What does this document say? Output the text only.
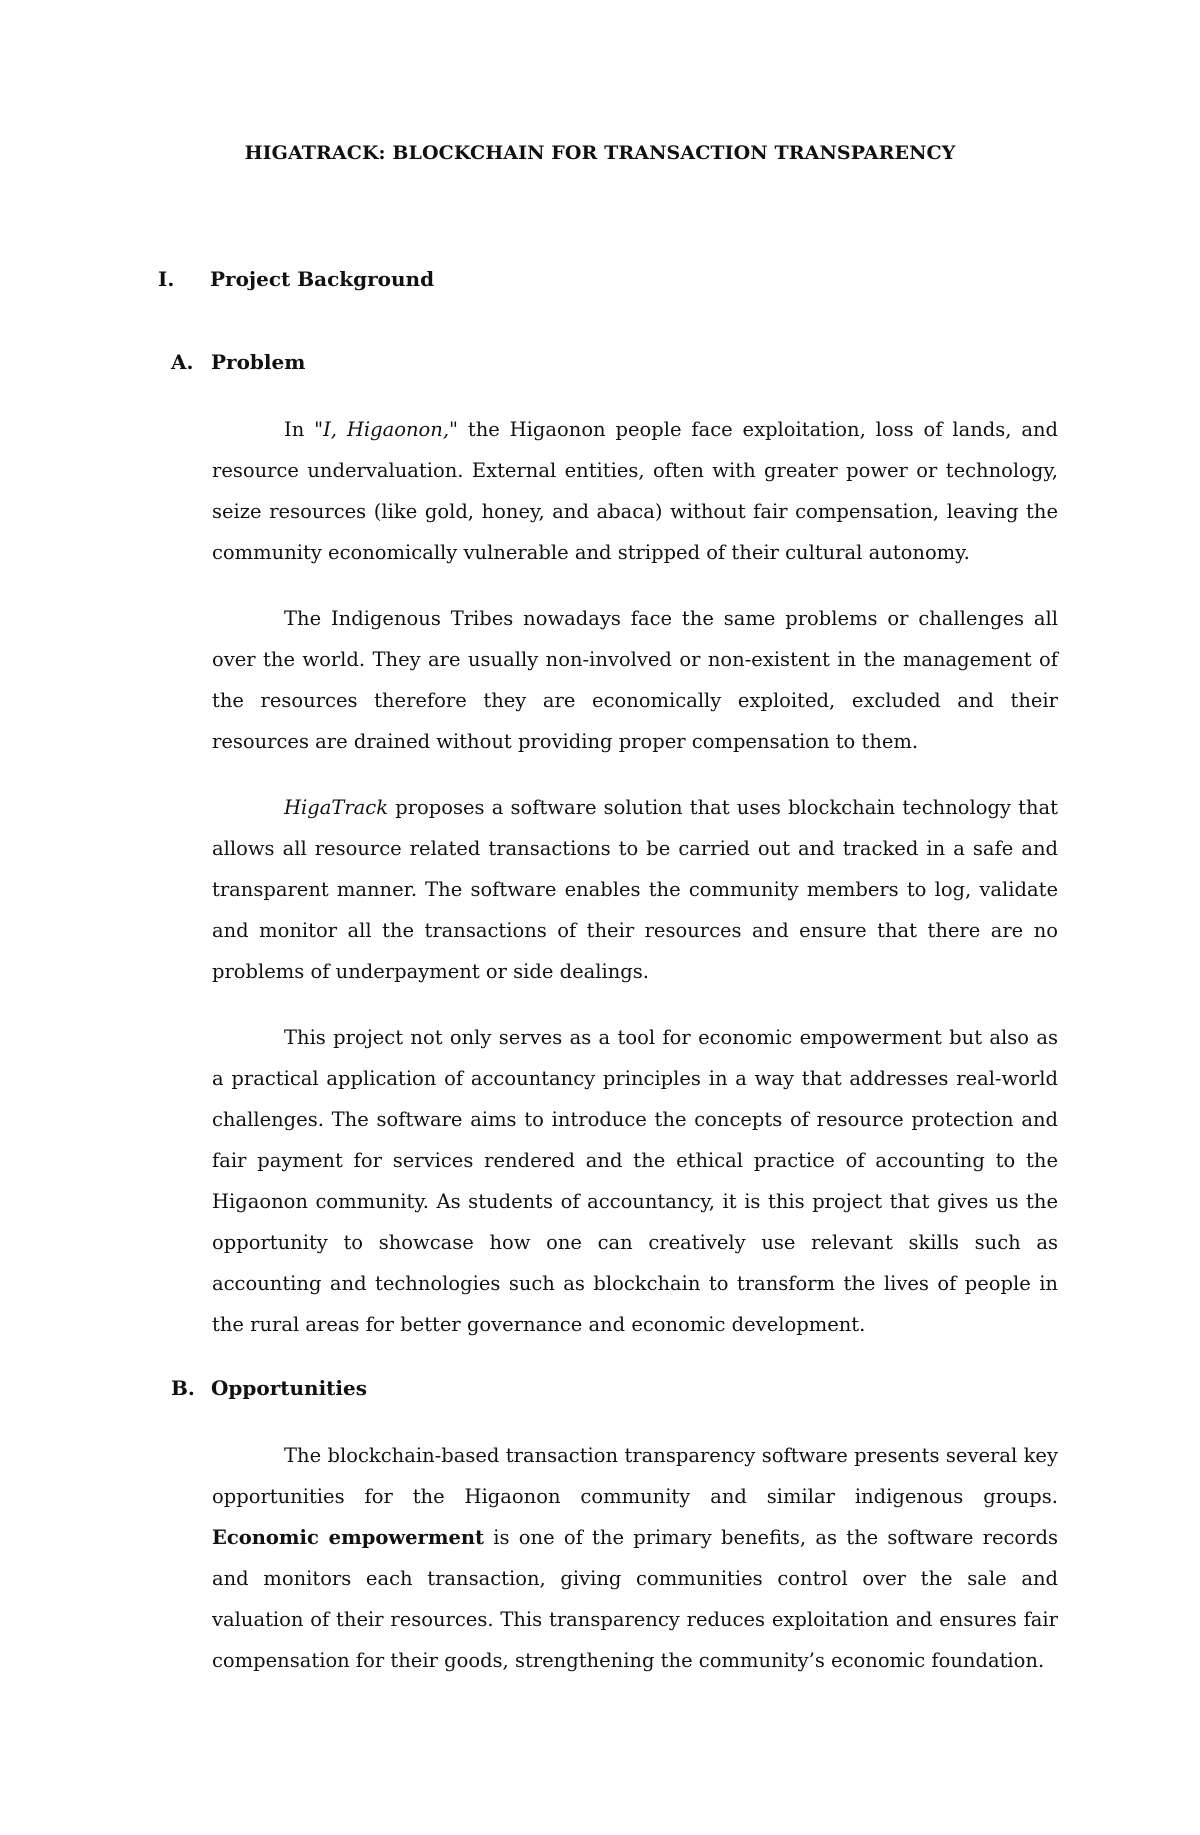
HIGATRACK: BLOCKCHAIN FOR TRANSACTION TRANSPARENCY
I. Project Background
A. Problem

In "I, Higaonon," the Higaonon people face exploitation, loss of lands, and resource undervaluation. External entities, often with greater power or technology, seize resources (like gold, honey, and abaca) without fair compensation, leaving the community economically vulnerable and stripped of their cultural autonomy.

The Indigenous Tribes nowadays face the same problems or challenges all over the world. They are usually non-involved or non-existent in the management of the resources therefore they are economically exploited, excluded and their resources are drained without providing proper compensation to them.

HigaTrack proposes a software solution that uses blockchain technology that allows all resource related transactions to be carried out and tracked in a safe and transparent manner. The software enables the community members to log, validate and monitor all the transactions of their resources and ensure that there are no problems of underpayment or side dealings.

This project not only serves as a tool for economic empowerment but also as a practical application of accountancy principles in a way that addresses real-world challenges. The software aims to introduce the concepts of resource protection and fair payment for services rendered and the ethical practice of accounting to the Higaonon community. As students of accountancy, it is this project that gives us the opportunity to showcase how one can creatively use relevant skills such as accounting and technologies such as blockchain to transform the lives of people in the rural areas for better governance and economic development.

B. Opportunities

The blockchain-based transaction transparency software presents several key opportunities for the Higaonon community and similar indigenous groups. Economic empowerment is one of the primary benefits, as the software records and monitors each transaction, giving communities control over the sale and valuation of their resources. This transparency reduces exploitation and ensures fair compensation for their goods, strengthening the community’s economic foundation.
